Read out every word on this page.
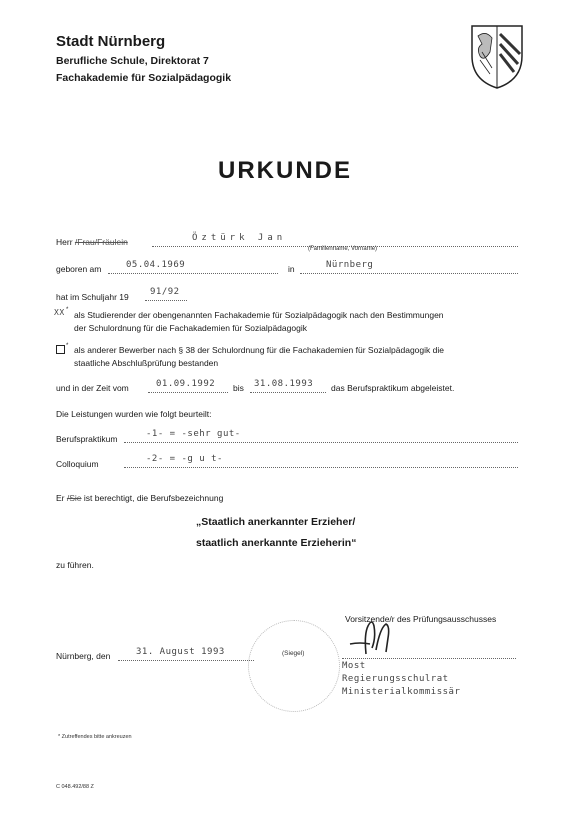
Stadt Nürnberg
Berufliche Schule, Direktorat 7
Fachakademie für Sozialpädagogik
URKUNDE
Herr /Frau/Fräulein	Öztürk Jan
(Familienname, Vorname)
geboren am	05.04.1969	in	Nürnberg
hat im Schuljahr 19 91/92
XX * als Studierender der obengenannten Fachakademie für Sozialpädagogik nach den Bestimmungen
der Schulordnung für die Fachakademien für Sozialpädagogik
* als anderer Bewerber nach § 38 der Schulordnung für die Fachakademien für Sozialpädagogik die
staatliche Abschlußprüfung bestanden
und in der Zeit vom	01.09.1992 bis 31.08.1993 das Berufspraktikum abgeleistet.
Die Leistungen wurden wie folgt beurteilt:
Berufspraktikum	-1- = -sehr gut-
Colloquium	-2- = -g u t-
Er /Sie ist berechtigt, die Berufsbezeichnung
„Staatlich anerkannter Erzieher/
staatlich anerkannte Erzieherin“
zu führen.
Vorsitzende/r des Prüfungsausschusses
(Siegel)
Nürnberg, den	31. August 1993
Most
Regierungsschulrat
Ministerialkommissär
* Zutreffendes bitte ankreuzen
C 048.492/88 Z
